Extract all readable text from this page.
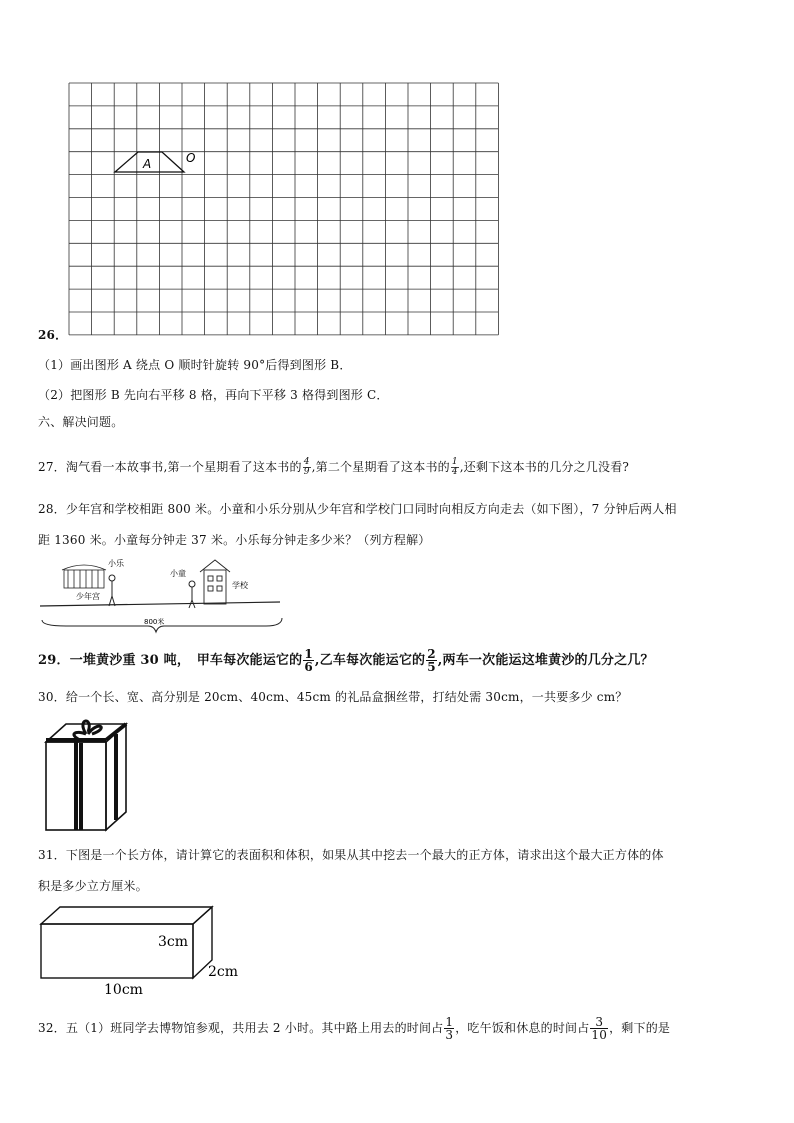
A	O
26．
（1）画出图形 A 绕点 O 顺时针旋转 90°后得到图形 B．
（2）把图形 B 先向右平移 8 格，再向下平移 3 格得到图形 C．
六、解决问题。
27．淘气看一本故事书,第一个星期看了这本书的 $\frac{4}{9}$ ,第二个星期看了这本书的 $\frac{1}{4}$ ,还剩下这本书的几分之几没看?
28．少年宫和学校相距 800 米。小童和小乐分别从少年宫和学校门口同时向相反方向走去（如下图），7 分钟后两人相
距 1360 米。小童每分钟走 37 米。小乐每分钟走多少米？（列方程解）
小乐
少年宫
小童
学校
800米
29．一堆黄沙重 30 吨，　甲车每次能运它的 $\frac{1}{6}$ ,乙车每次能运它的 $\frac{2}{5}$ ,两车一次能运这堆黄沙的几分之几？
30．给一个长、宽、高分别是 20cm、40cm、45cm 的礼品盒捆丝带，打结处需 30cm，一共要多少 cm？
31．下图是一个长方体，请计算它的表面积和体积，如果从其中挖去一个最大的正方体，请求出这个最大正方体的体
积是多少立方厘米。
3cm
2cm
10cm
32．五（1）班同学去博物馆参观，共用去 2 小时。其中路上用去的时间占 $\frac{1}{3}$ ，吃午饭和休息的时间占 $\frac{3}{10}$ ，剩下的是
